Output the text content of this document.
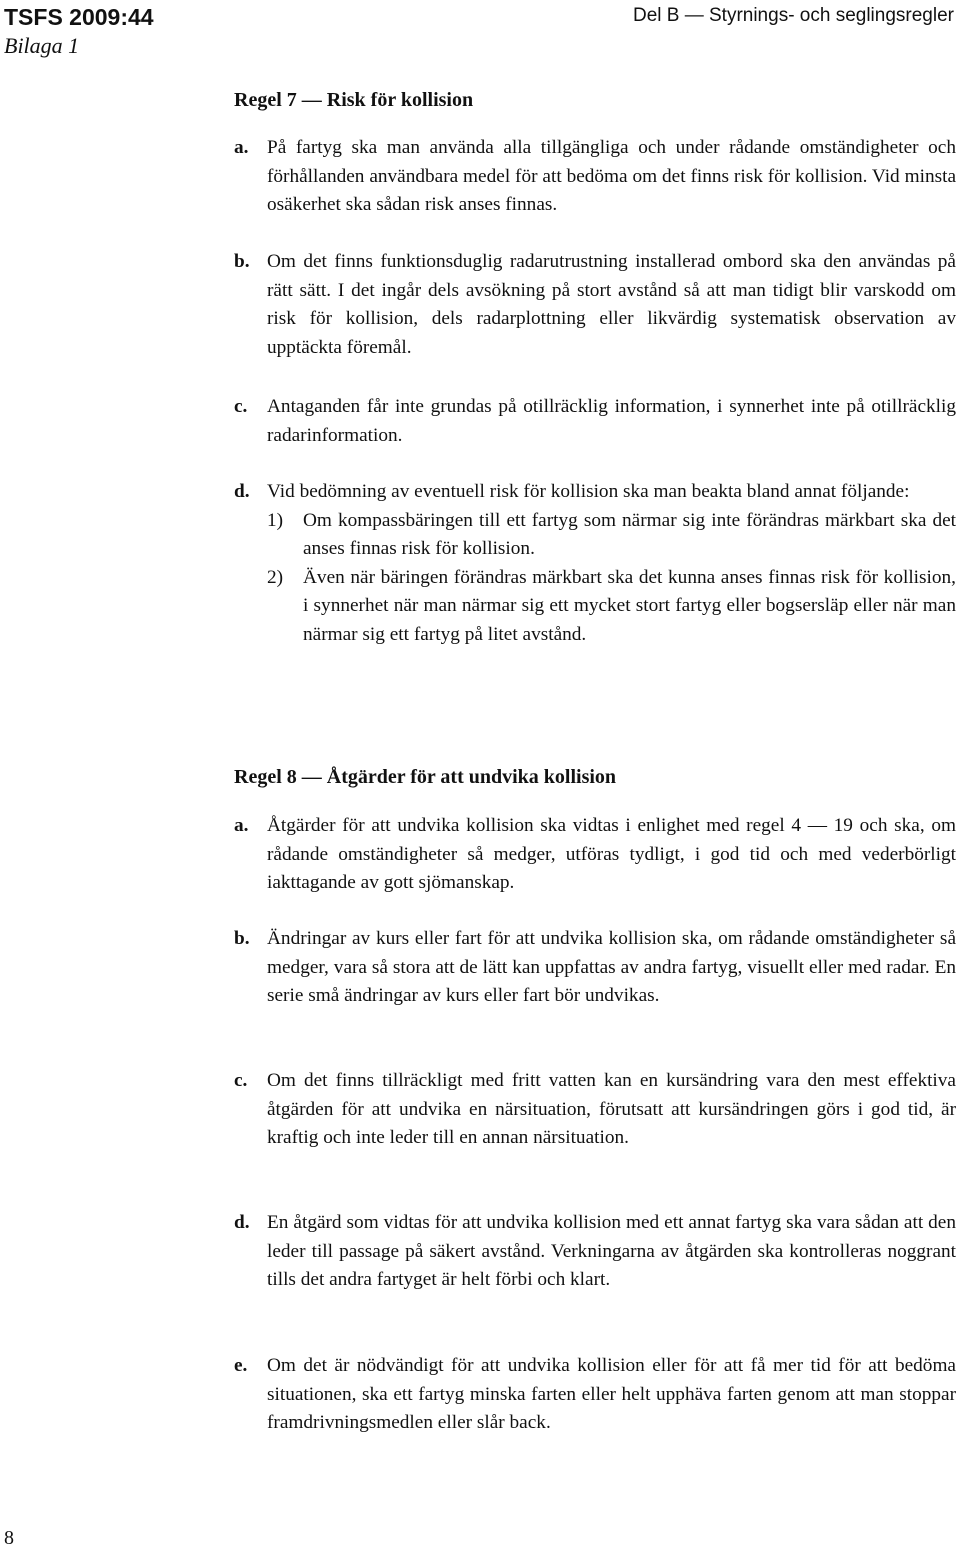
TSFS 2009:44
Bilaga 1
Del B — Styrnings- och seglingsregler
Regel 7 — Risk för kollision
a. På fartyg ska man använda alla tillgängliga och under rådande omständigheter och förhållanden användbara medel för att bedöma om det finns risk för kollision. Vid minsta osäkerhet ska sådan risk anses finnas.

b. Om det finns funktionsduglig radarutrustning installerad ombord ska den användas på rätt sätt. I det ingår dels avsökning på stort avstånd så att man tidigt blir varskodd om risk för kollision, dels radarplottning eller likvärdig systematisk observation av upptäckta föremål.

c. Antaganden får inte grundas på otillräcklig information, i synnerhet inte på otillräcklig radarinformation.

d. Vid bedömning av eventuell risk för kollision ska man beakta bland annat följande:

1) Om kompassbäringen till ett fartyg som närmar sig inte förändras märkbart ska det anses finnas risk för kollision.
2) Även när bäringen förändras märkbart ska det kunna anses finnas risk för kollision, i synnerhet när man närmar sig ett mycket stort fartyg eller bogsersläp eller när man närmar sig ett fartyg på litet avstånd.
Regel 8 — Åtgärder för att undvika kollision
a. Åtgärder för att undvika kollision ska vidtas i enlighet med regel 4 — 19 och ska, om rådande omständigheter så medger, utföras tydligt, i god tid och med vederbörligt iakttagande av gott sjömanskap.

b. Ändringar av kurs eller fart för att undvika kollision ska, om rådande omständigheter så medger, vara så stora att de lätt kan uppfattas av andra fartyg, visuellt eller med radar. En serie små ändringar av kurs eller fart bör undvikas.

c. Om det finns tillräckligt med fritt vatten kan en kursändring vara den mest effektiva åtgärden för att undvika en närsituation, förutsatt att kursändringen görs i god tid, är kraftig och inte leder till en annan närsituation.

d. En åtgärd som vidtas för att undvika kollision med ett annat fartyg ska vara sådan att den leder till passage på säkert avstånd. Verkningarna av åtgärden ska kontrolleras noggrant tills det andra fartyget är helt förbi och klart.

e. Om det är nödvändigt för att undvika kollision eller för att få mer tid för att bedöma situationen, ska ett fartyg minska farten eller helt upphäva farten genom att man stoppar framdrivningsmedlen eller slår back.

8
